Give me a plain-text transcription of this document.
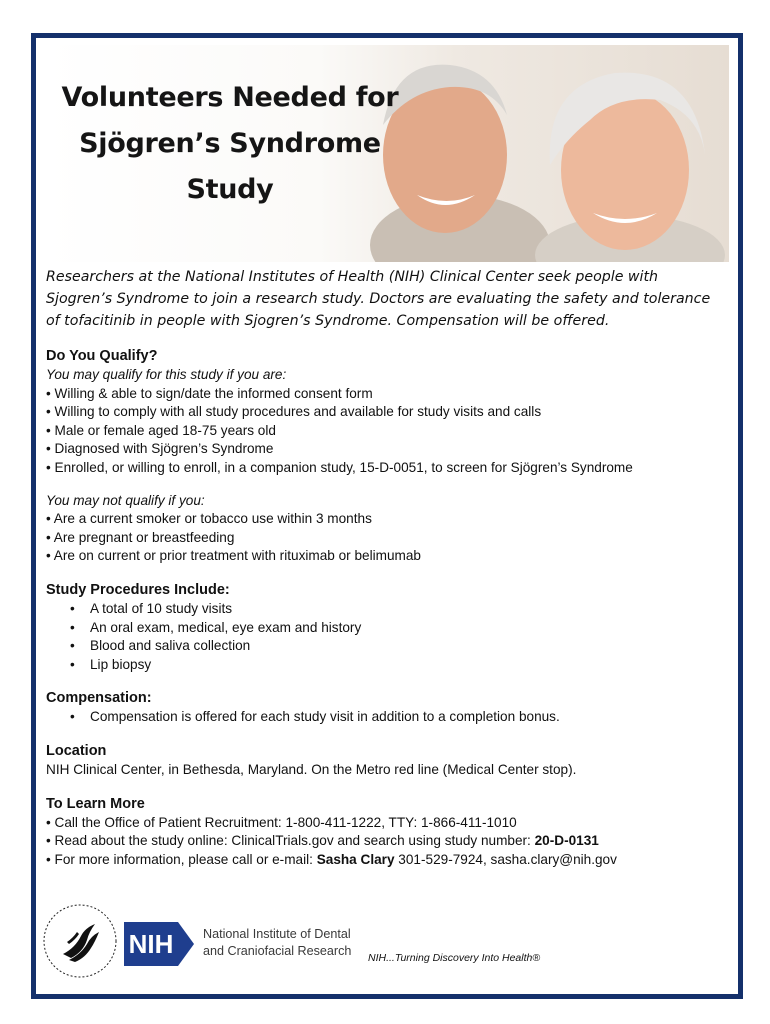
Volunteers Needed for
Sjögren’s Syndrome
Study
Researchers at the National Institutes of Health (NIH) Clinical Center seek people with Sjogren’s Syndrome to join a research study. Doctors are evaluating the safety and tolerance of tofacitinib in people with Sjogren’s Syndrome. Compensation will be offered.
Do You Qualify?
You may qualify for this study if you are:
• Willing & able to sign/date the informed consent form
• Willing to comply with all study procedures and available for study visits and calls
• Male or female aged 18-75 years old
• Diagnosed with Sjögren’s Syndrome
• Enrolled, or willing to enroll, in a companion study, 15-D-0051, to screen for Sjögren’s Syndrome
You may not qualify if you:
• Are a current smoker or tobacco use within 3 months
• Are pregnant or breastfeeding
• Are on current or prior treatment with rituximab or belimumab
Study Procedures Include:
• A total of 10 study visits
• An oral exam, medical, eye exam and history
• Blood and saliva collection
• Lip biopsy
Compensation:
• Compensation is offered for each study visit in addition to a completion bonus.
Location
NIH Clinical Center, in Bethesda, Maryland. On the Metro red line (Medical Center stop).
To Learn More
• Call the Office of Patient Recruitment: 1-800-411-1222, TTY: 1-866-411-1010
• Read about the study online: ClinicalTrials.gov and search using study number: 20-D-0131
• For more information, please call or e-mail: Sasha Clary 301-529-7924, sasha.clary@nih.gov
NIH	National Institute of Dental
and Craniofacial Research NIH...Turning Discovery Into Health®
